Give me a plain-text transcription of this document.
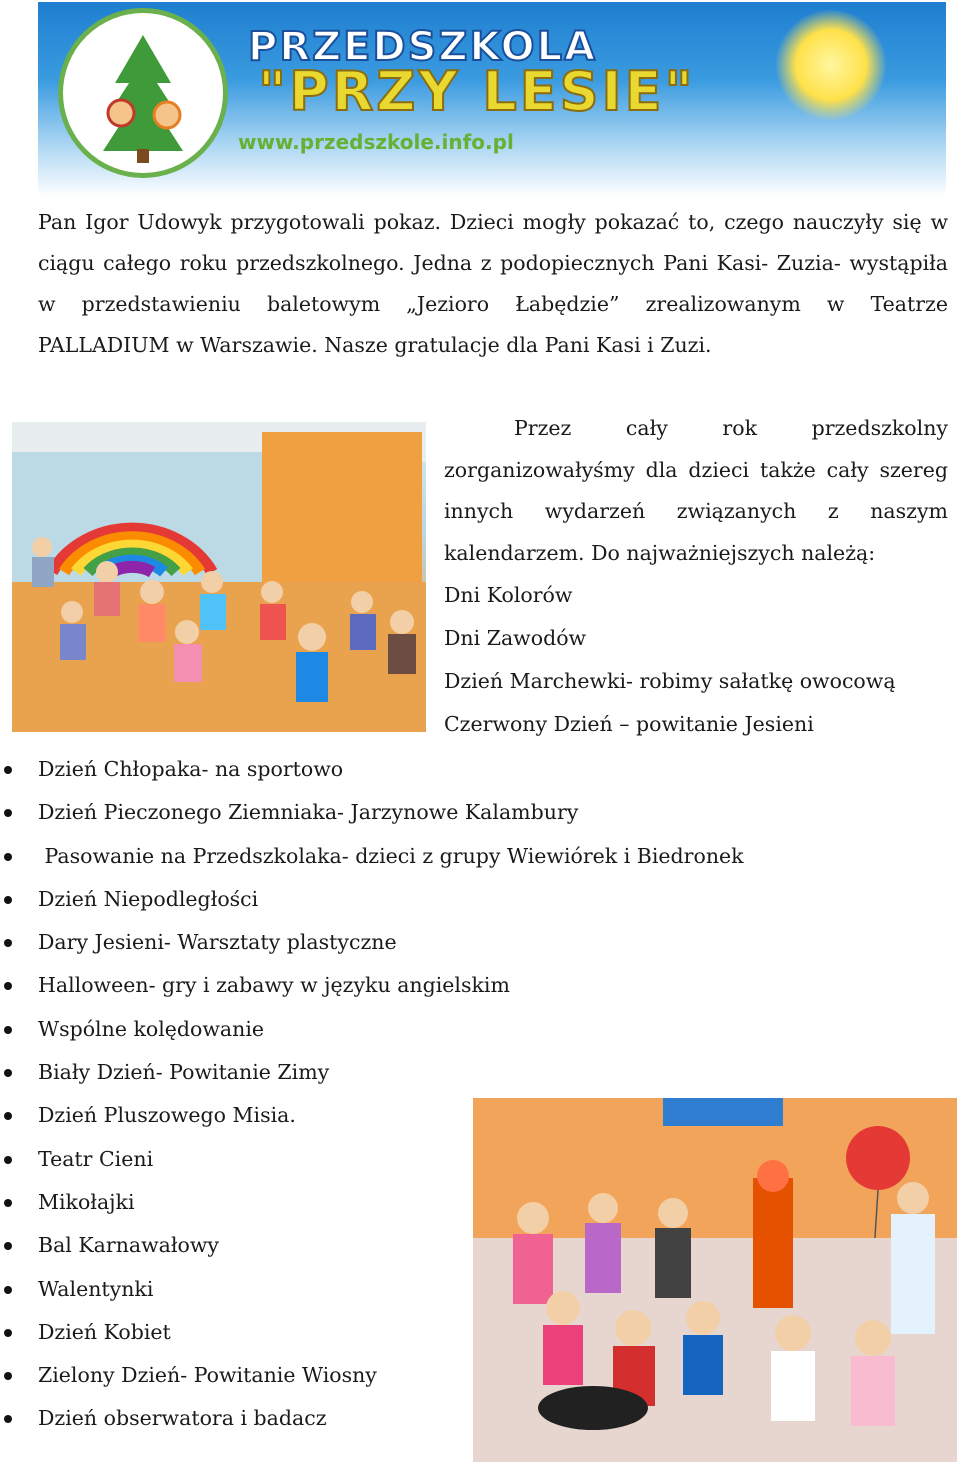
PRZEDSZKOLA
"PRZY LESIE"
www.przedszkole.info.pl

Pan Igor Udowyk przygotowali pokaz. Dzieci mogły pokazać to, czego nauczyły się w ciągu całego roku przedszkolnego. Jedna z podopiecznych Pani Kasi- Zuzia- wystąpiła w przedstawieniu baletowym „Jezioro Łabędzie” zrealizowanym w Teatrze PALLADIUM w Warszawie. Nasze gratulacje dla Pani Kasi i Zuzi.

Przez cały rok przedszkolny

zorganizowałyśmy dla dzieci także cały szereg innych wydarzeń związanych z naszym kalendarzem. Do najważniejszych należą:

Dni Kolorów

Dni Zawodów

Dzień Marchewki- robimy sałatkę owocową

Czerwony Dzień – powitanie Jesieni

Dzień Chłopaka- na sportowo
Dzień Pieczonego Ziemniaka- Jarzynowe Kalambury
Pasowanie na Przedszkolaka- dzieci z grupy Wiewiórek i Biedronek
Dzień Niepodległości
Dary Jesieni- Warsztaty plastyczne
Halloween- gry i zabawy w języku angielskim
Wspólne kolędowanie
Biały Dzień- Powitanie Zimy
Dzień Pluszowego Misia.
Teatr Cieni
Mikołajki
Bal Karnawałowy
Walentynki
Dzień Kobiet
Zielony Dzień- Powitanie Wiosny
Dzień obserwatora i badacz
